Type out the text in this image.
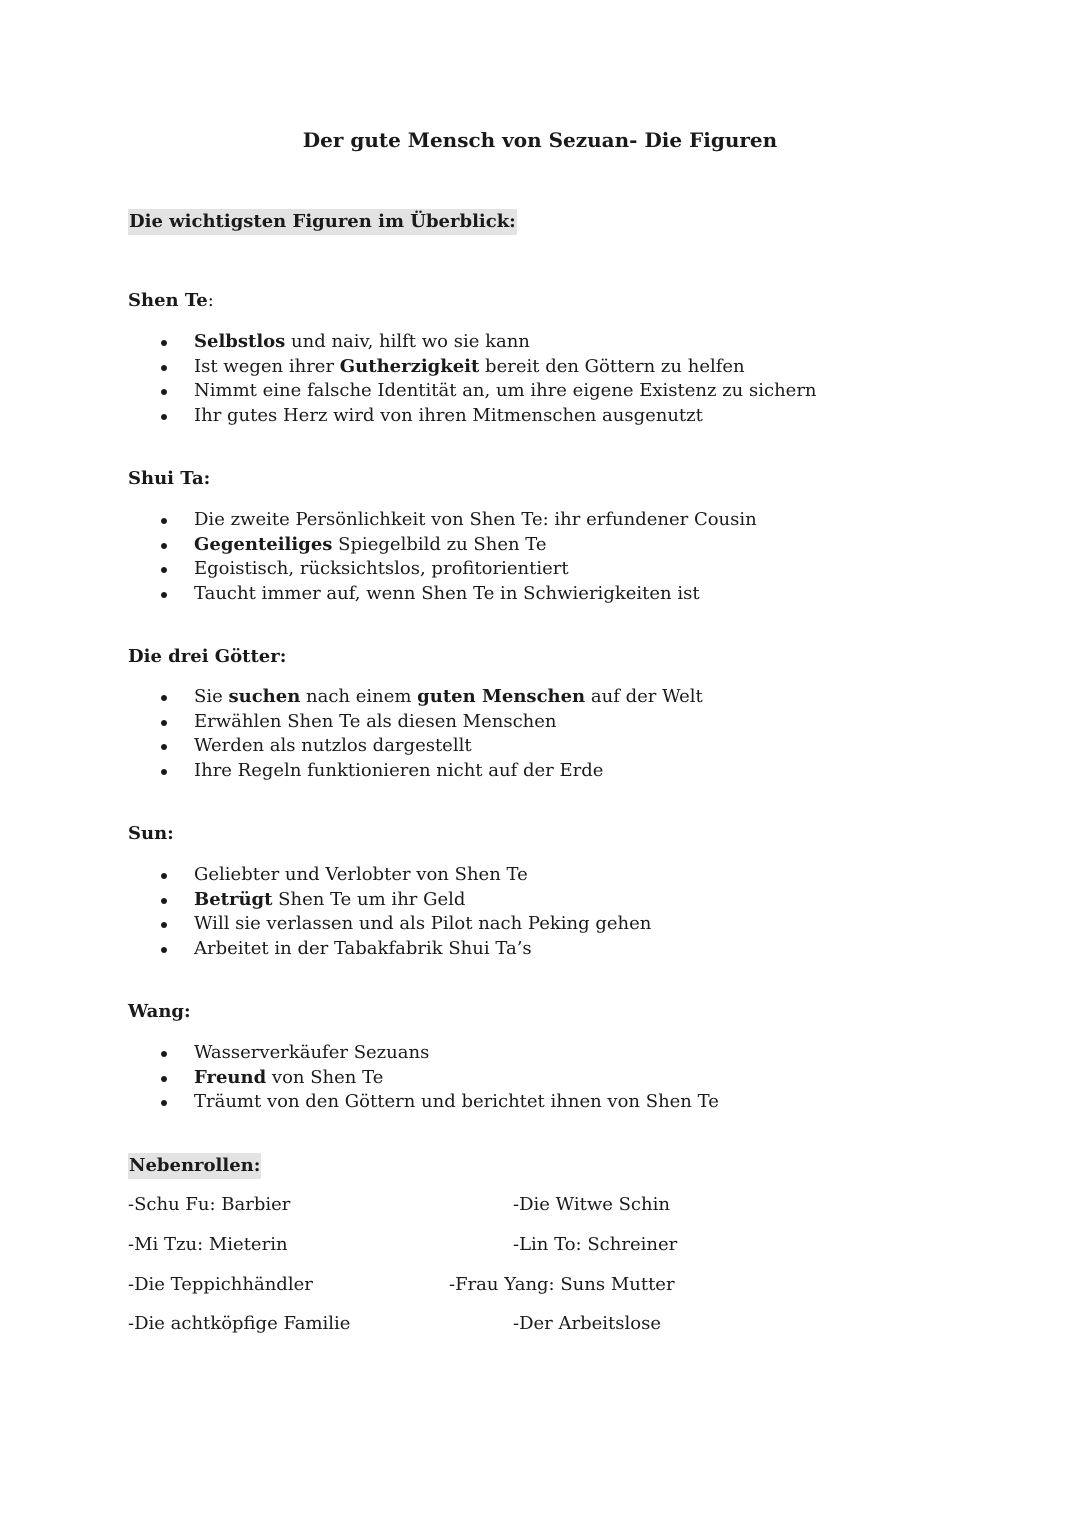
Der gute Mensch von Sezuan- Die Figuren
Die wichtigsten Figuren im Überblick:
Shen Te:
Selbstlos und naiv, hilft wo sie kann
Ist wegen ihrer Gutherzigkeit bereit den Göttern zu helfen
Nimmt eine falsche Identität an, um ihre eigene Existenz zu sichern
Ihr gutes Herz wird von ihren Mitmenschen ausgenutzt
Shui Ta:
Die zweite Persönlichkeit von Shen Te: ihr erfundener Cousin
Gegenteiliges Spiegelbild zu Shen Te
Egoistisch, rücksichtslos, profitorientiert
Taucht immer auf, wenn Shen Te in Schwierigkeiten ist
Die drei Götter:
Sie suchen nach einem guten Menschen auf der Welt
Erwählen Shen Te als diesen Menschen
Werden als nutzlos dargestellt
Ihre Regeln funktionieren nicht auf der Erde
Sun:
Geliebter und Verlobter von Shen Te
Betrügt Shen Te um ihr Geld
Will sie verlassen und als Pilot nach Peking gehen
Arbeitet in der Tabakfabrik Shui Ta’s
Wang:
Wasserverkäufer Sezuans
Freund von Shen Te
Träumt von den Göttern und berichtet ihnen von Shen Te
Nebenrollen:

-Schu Fu: Barbier

-Mi Tzu: Mieterin

-Die Teppichhändler

-Die achtköpfige Familie

-Die Witwe Schin

-Lin To: Schreiner

-Frau Yang: Suns Mutter

-Der Arbeitslose
